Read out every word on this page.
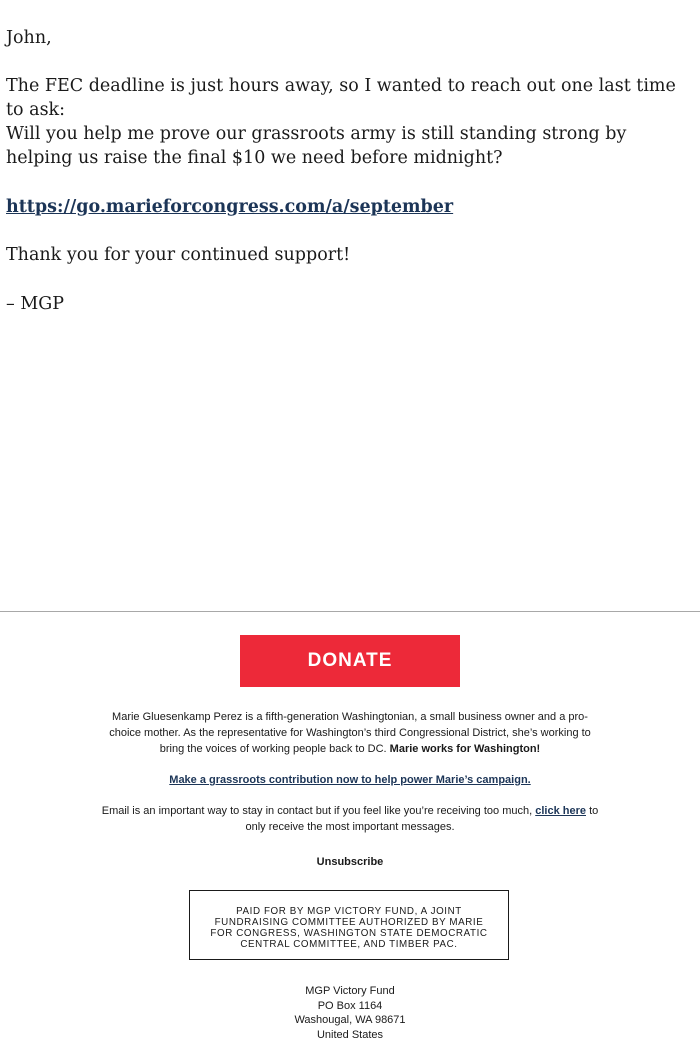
John,

The FEC deadline is just hours away, so I wanted to reach out one last time to ask:

Will you help me prove our grassroots army is still standing strong by helping us raise the final $10 we need before midnight?

https://go.marieforcongress.com/a/september

Thank you for your continued support!

– MGP

DONATE
Marie Gluesenkamp Perez is a fifth-generation Washingtonian, a small business owner and a pro-choice mother. As the representative for Washington’s third Congressional District, she’s working to bring the voices of working people back to DC. Marie works for Washington!
Make a grassroots contribution now to help power Marie’s campaign.
Email is an important way to stay in contact but if you feel like you’re receiving too much, click here to only receive the most important messages.
Unsubscribe
PAID FOR BY MGP VICTORY FUND, A JOINT FUNDRAISING COMMITTEE AUTHORIZED BY MARIE FOR CONGRESS, WASHINGTON STATE DEMOCRATIC CENTRAL COMMITTEE, AND TIMBER PAC.
MGP Victory Fund
PO Box 1164
Washougal, WA 98671
United States
